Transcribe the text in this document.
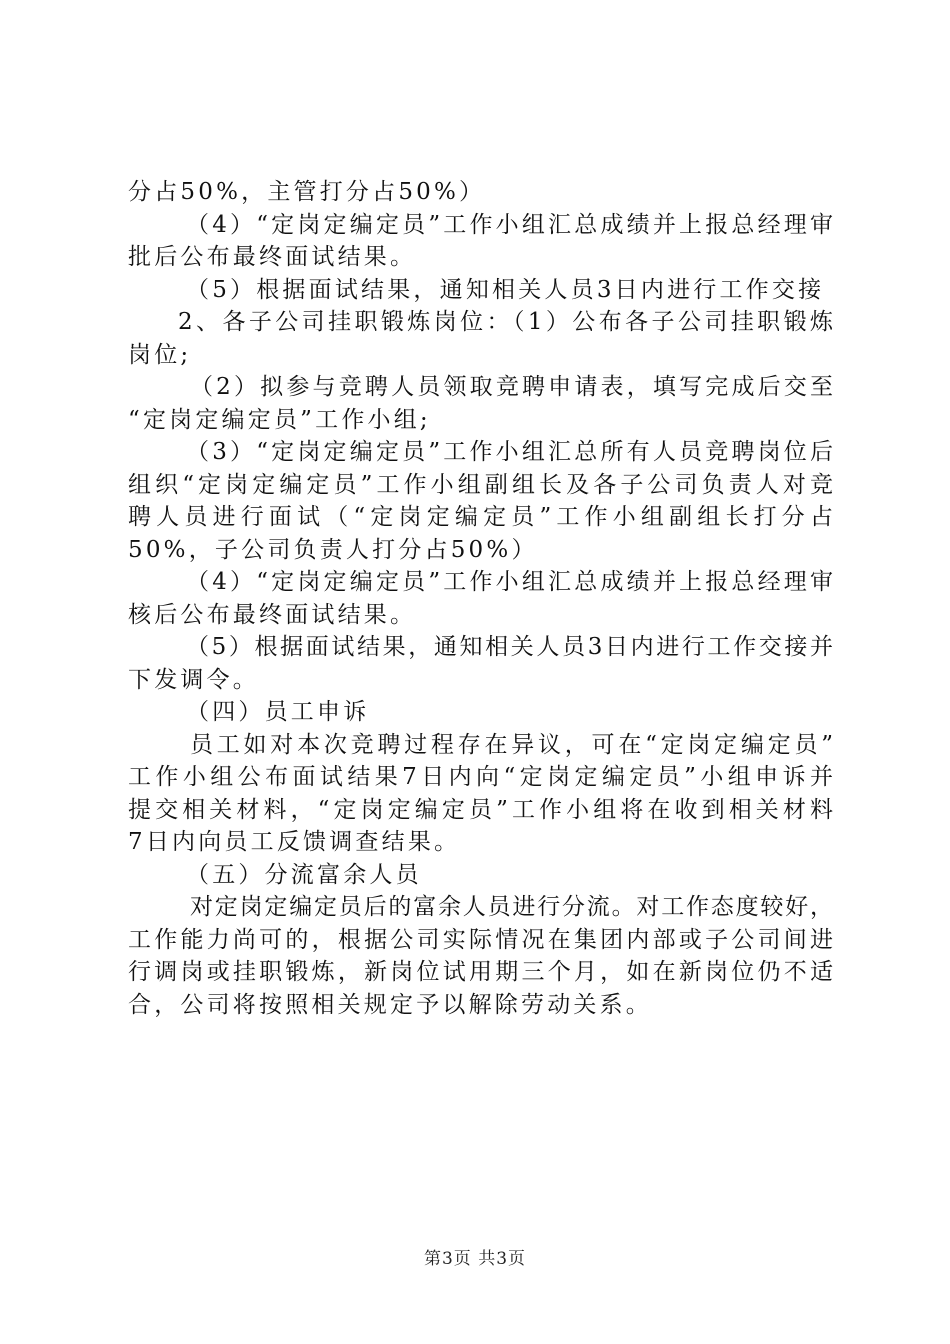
分占50%，主管打分占50%）
（4）“定岗定编定员”工作小组汇总成绩并上报总经理审
批后公布最终面试结果。
（5）根据面试结果，通知相关人员3日内进行工作交接
2、各子公司挂职锻炼岗位：（1）公布各子公司挂职锻炼
岗位;
（2）拟参与竞聘人员领取竞聘申请表，填写完成后交至
“定岗定编定员”工作小组;
（3）“定岗定编定员”工作小组汇总所有人员竞聘岗位后
组织“定岗定编定员”工作小组副组长及各子公司负责人对竞
聘人员进行面试（“定岗定编定员”工作小组副组长打分占
50%，子公司负责人打分占50%）
（4）“定岗定编定员”工作小组汇总成绩并上报总经理审
核后公布最终面试结果。
（5）根据面试结果，通知相关人员3日内进行工作交接并
下发调令。
（四）员工申诉
员工如对本次竞聘过程存在异议，可在“定岗定编定员”
工作小组公布面试结果7日内向“定岗定编定员”小组申诉并
提交相关材料，“定岗定编定员”工作小组将在收到相关材料
7日内向员工反馈调查结果。
（五）分流富余人员
对定岗定编定员后的富余人员进行分流。对工作态度较好，
工作能力尚可的，根据公司实际情况在集团内部或子公司间进
行调岗或挂职锻炼，新岗位试用期三个月，如在新岗位仍不适
合，公司将按照相关规定予以解除劳动关系。
第3页 共3页
